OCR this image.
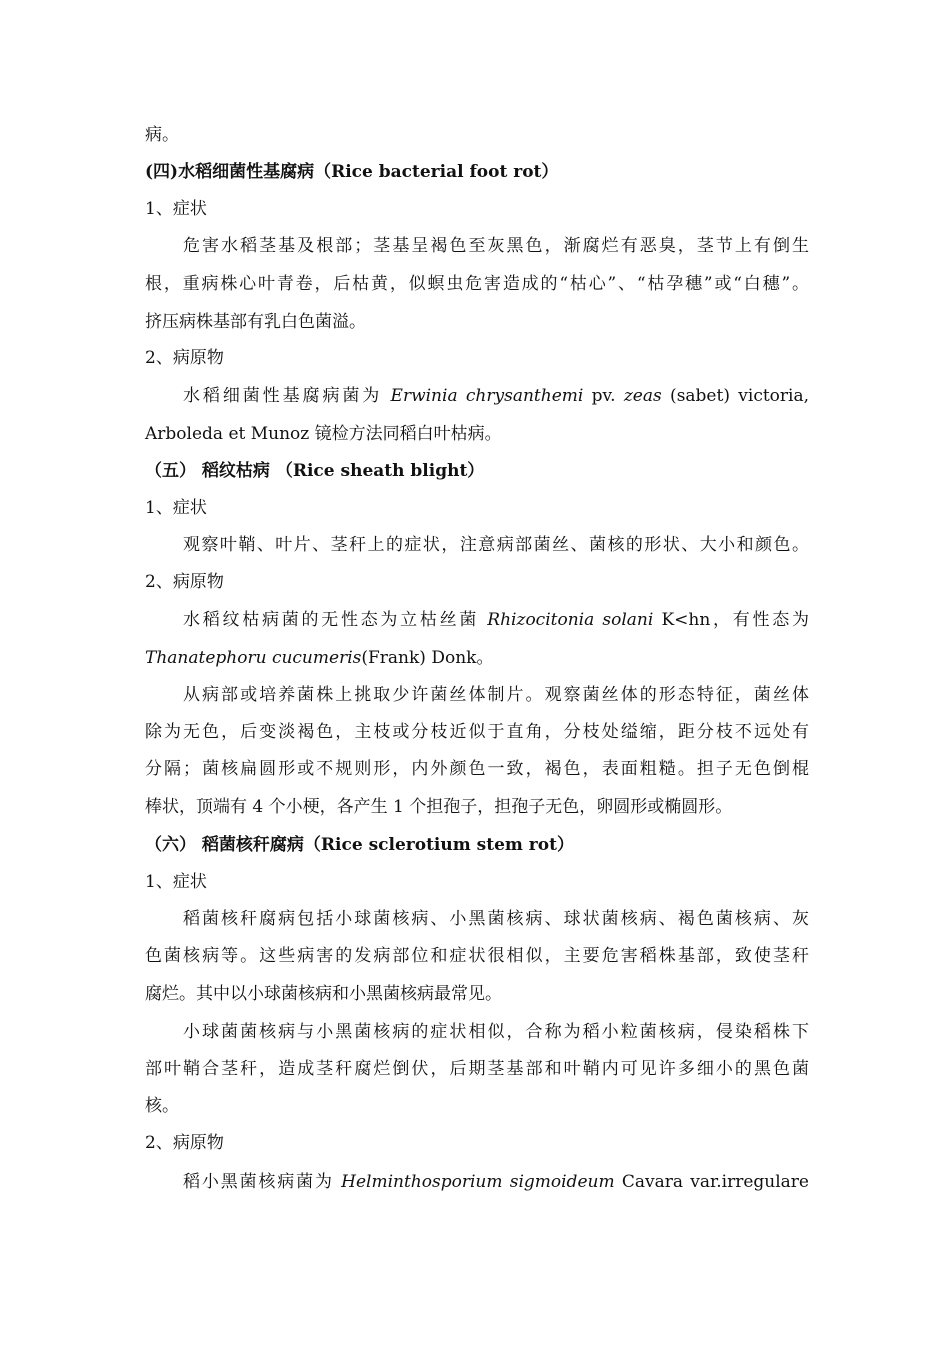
病。
(四)水稻细菌性基腐病（Rice bacterial foot rot）
1、症状
危害水稻茎基及根部；茎基呈褐色至灰黑色，渐腐烂有恶臭，茎节上有倒生
根，重病株心叶青卷，后枯黄，似螟虫危害造成的“枯心”、“枯孕穗”或“白穗”。
挤压病株基部有乳白色菌溢。
2、病原物
水稻细菌性基腐病菌为 Erwinia chrysanthemi pv. zeas (sabet) victoria,
Arboleda et Munoz 镜检方法同稻白叶枯病。
（五） 稻纹枯病 （Rice sheath blight）
1、症状
观察叶鞘、叶片、茎秆上的症状，注意病部菌丝、菌核的形状、大小和颜色。
2、病原物
水稻纹枯病菌的无性态为立枯丝菌 Rhizocitonia solani K<hn，有性态为
Thanatephoru cucumeris(Frank) Donk。
从病部或培养菌株上挑取少许菌丝体制片。观察菌丝体的形态特征，菌丝体
除为无色，后变淡褐色，主枝或分枝近似于直角，分枝处缢缩，距分枝不远处有
分隔；菌核扁圆形或不规则形，内外颜色一致，褐色，表面粗糙。担子无色倒棍
棒状，顶端有 4 个小梗，各产生 1 个担孢子，担孢子无色，卵圆形或椭圆形。
（六） 稻菌核秆腐病（Rice sclerotium stem rot）
1、症状
稻菌核秆腐病包括小球菌核病、小黑菌核病、球状菌核病、褐色菌核病、灰
色菌核病等。这些病害的发病部位和症状很相似，主要危害稻株基部，致使茎秆
腐烂。其中以小球菌核病和小黑菌核病最常见。
小球菌菌核病与小黑菌核病的症状相似，合称为稻小粒菌核病，侵染稻株下
部叶鞘合茎秆，造成茎秆腐烂倒伏，后期茎基部和叶鞘内可见许多细小的黑色菌
核。
2、病原物
稻小黑菌核病菌为 Helminthosporium sigmoideum Cavara var.irregulare
